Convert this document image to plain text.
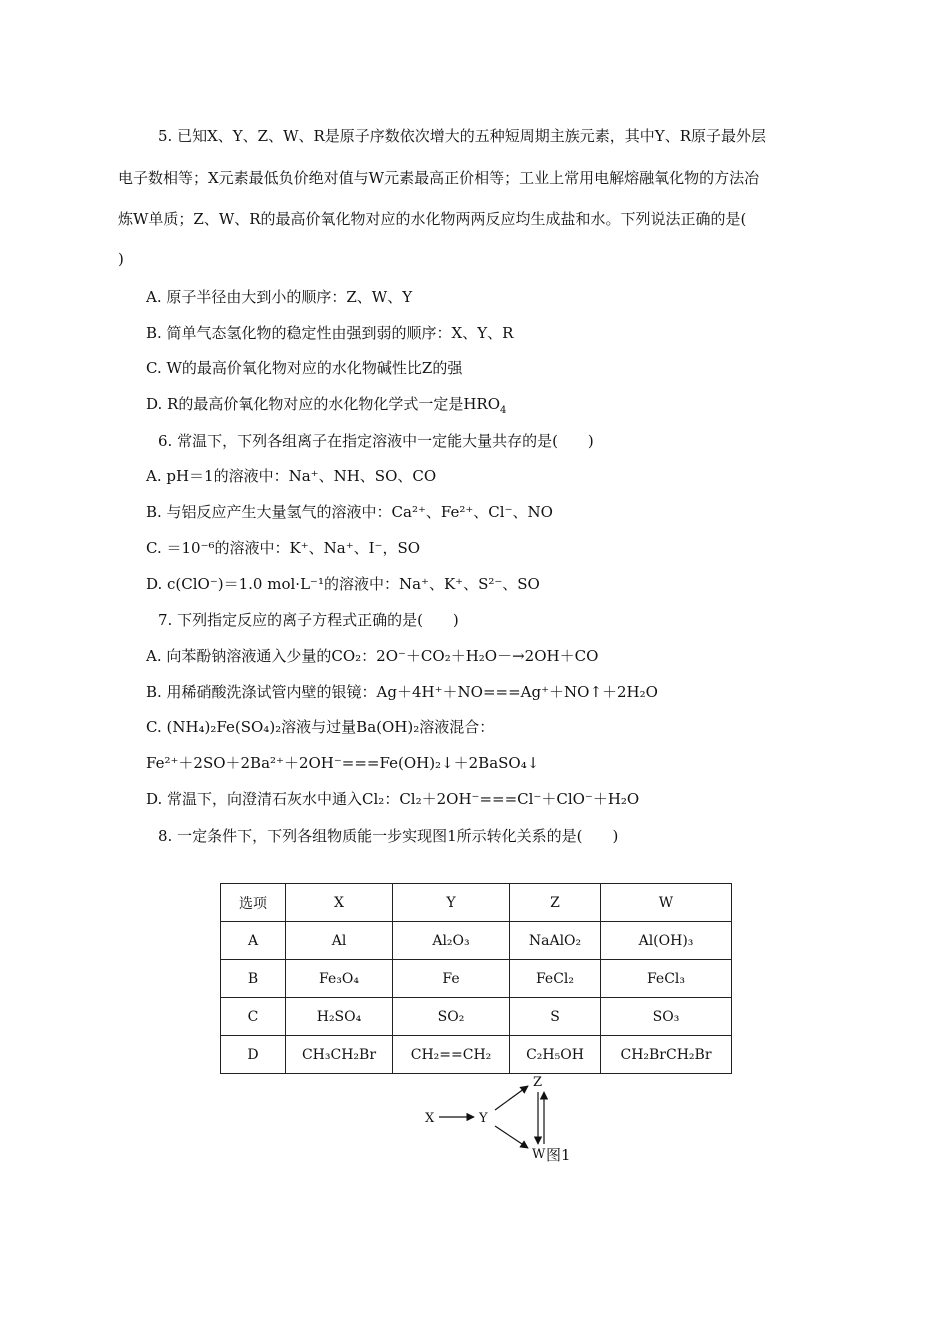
5. 已知X、Y、Z、W、R是原子序数依次增大的五种短周期主族元素，其中Y、R原子最外层
电子数相等；X元素最低负价绝对值与W元素最高正价相等；工业上常用电解熔融氧化物的方法冶
炼W单质；Z、W、R的最高价氧化物对应的水化物两两反应均生成盐和水。下列说法正确的是(
)
A. 原子半径由大到小的顺序：Z、W、Y
B. 简单气态氢化物的稳定性由强到弱的顺序：X、Y、R
C. W的最高价氧化物对应的水化物碱性比Z的强
D. R的最高价氧化物对应的水化物化学式一定是$HRO_4$
6. 常温下，下列各组离子在指定溶液中一定能大量共存的是(　　)
A. pH＝1的溶液中：Na⁺、NH、SO、CO
B. 与铝反应产生大量氢气的溶液中：Ca²⁺、Fe²⁺、Cl⁻、NO
C. ＝10⁻⁶的溶液中：K⁺、Na⁺、I⁻，SO
D. c(ClO⁻)＝1.0 mol·L⁻¹的溶液中：Na⁺、K⁺、S²⁻、SO
7. 下列指定反应的离子方程式正确的是(　　)
A. 向苯酚钠溶液通入少量的CO₂：2O⁻＋CO₂＋H₂O－→2OH＋CO
B. 用稀硝酸洗涤试管内壁的银镜：Ag＋4H⁺＋NO===Ag⁺＋NO↑＋2H₂O
C. (NH₄)₂Fe(SO₄)₂溶液与过量Ba(OH)₂溶液混合：
Fe²⁺＋2SO＋2Ba²⁺＋2OH⁻===Fe(OH)₂↓＋2BaSO₄↓
D. 常温下，向澄清石灰水中通入Cl₂：Cl₂＋2OH⁻===Cl⁻＋ClO⁻＋H₂O
8. 一定条件下，下列各组物质能一步实现图1所示转化关系的是(　　)
选项	X	Y	Z	W
A	Al	Al₂O₃	NaAlO₂	Al(OH)₃
B	Fe₃O₄	Fe	FeCl₂	FeCl₃
C	H₂SO₄	SO₂	S	SO₃
D	CH₃CH₂Br	CH₂==CH₂	C₂H₅OH	CH₂BrCH₂Br
X	Y
Z
W 图1
